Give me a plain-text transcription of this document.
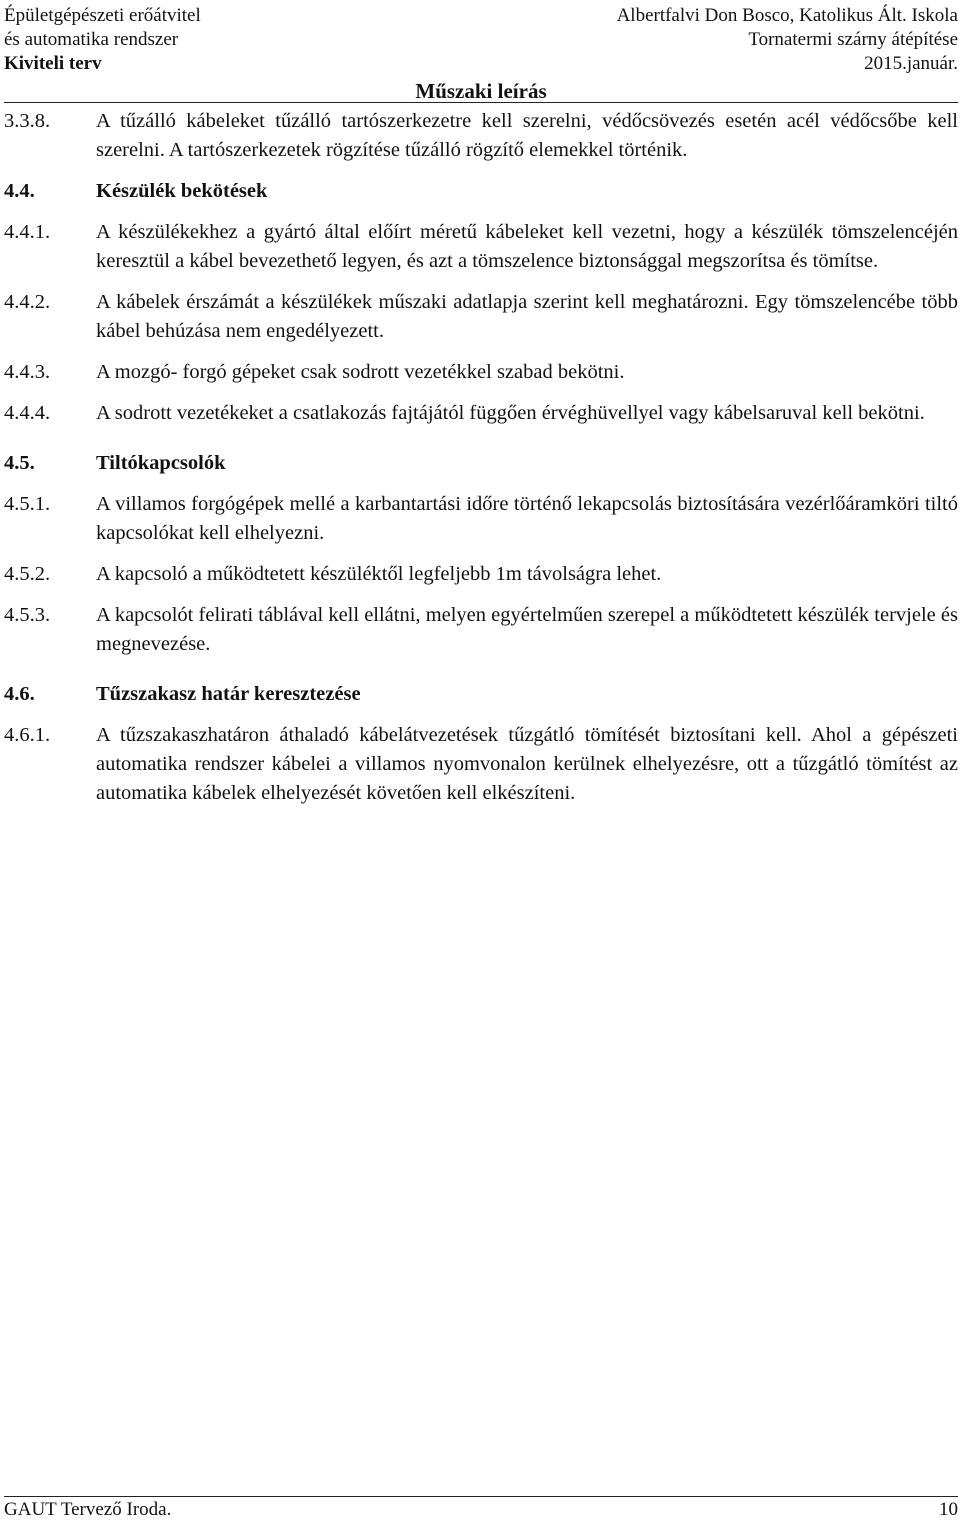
Épületgépészeti erőátvitel
és automatika rendszer
Kiviteli terv
Albertfalvi Don Bosco, Katolikus Ált. Iskola
Tornatermi szárny átépítése
2015.január.
Műszaki leírás
3.3.8. A tűzálló kábeleket tűzálló tartószerkezetre kell szerelni, védőcsövezés esetén acél védőcsőbe kell szerelni. A tartószerkezetek rögzítése tűzálló rögzítő elemekkel történik.
4.4.	Készülék bekötések
4.4.1. A készülékekhez a gyártó által előírt méretű kábeleket kell vezetni, hogy a készülék tömszelencéjén keresztül a kábel bevezethető legyen, és azt a tömszelence biztonsággal megszorítsa és tömítse.
4.4.2. A kábelek érszámát a készülékek műszaki adatlapja szerint kell meghatározni. Egy tömszelencébe több kábel behúzása nem engedélyezett.
4.4.3. A mozgó- forgó gépeket csak sodrott vezetékkel szabad bekötni.
4.4.4. A sodrott vezetékeket a csatlakozás fajtájától függően érvéghüvellyel vagy kábelsaruval kell bekötni.
4.5.	Tiltókapcsolók
4.5.1. A villamos forgógépek mellé a karbantartási időre történő lekapcsolás biztosítására vezérlőáramköri tiltó kapcsolókat kell elhelyezni.
4.5.2. A kapcsoló a működtetett készüléktől legfeljebb 1m távolságra lehet.
4.5.3. A kapcsolót felirati táblával kell ellátni, melyen egyértelműen szerepel a működtetett készülék tervjele és megnevezése.
4.6.	Tűzszakasz határ keresztezése
4.6.1. A tűzszakaszhatáron áthaladó kábelátvezetések tűzgátló tömítését biztosítani kell. Ahol a gépészeti automatika rendszer kábelei a villamos nyomvonalon kerülnek elhelyezésre, ott a tűzgátló tömítést az automatika kábelek elhelyezését követően kell elkészíteni.
GAUT Tervező Iroda.	10
